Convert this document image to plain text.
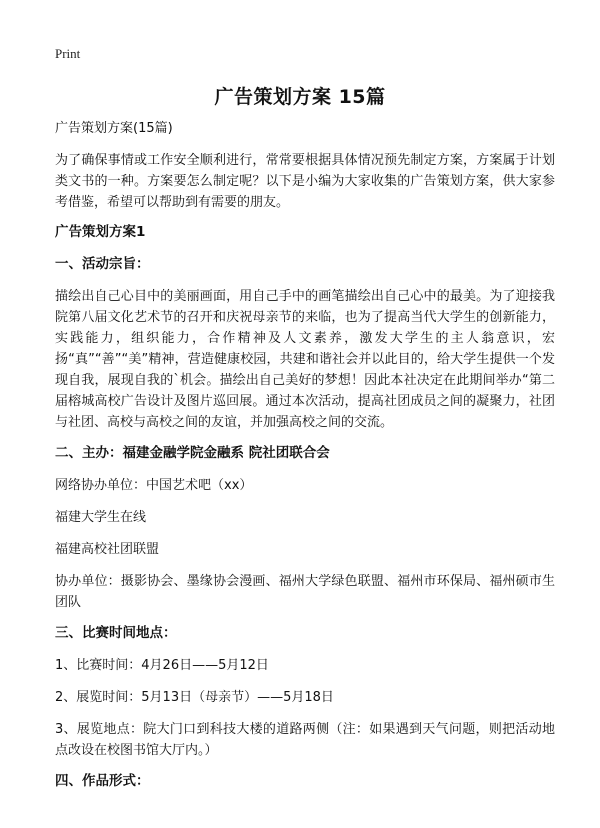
Print
广告策划方案 15篇

广告策划方案(15篇)

为了确保事情或工作安全顺利进行，常常要根据具体情况预先制定方案，方案属于计划类文书的一种。方案要怎么制定呢？以下是小编为大家收集的广告策划方案，供大家参考借鉴，希望可以帮助到有需要的朋友。

广告策划方案1
一、活动宗旨：

描绘出自己心目中的美丽画面，用自己手中的画笔描绘出自己心中的最美。为了迎接我院第八届文化艺术节的召开和庆祝母亲节的来临，也为了提高当代大学生的创新能力，实践能力，组织能力，合作精神及人文素养，激发大学生的主人翁意识，宏扬“真”“善”“美”精神，营造健康校园，共建和谐社会并以此目的，给大学生提供一个发现自我，展现自我的`机会。描绘出自己美好的梦想！因此本社决定在此期间举办“第二届榕城高校广告设计及图片巡回展。通过本次活动，提高社团成员之间的凝聚力，社团与社团、高校与高校之间的友谊，并加强高校之间的交流。

二、主办：福建金融学院金融系 院社团联合会

网络协办单位：中国艺术吧（xx）

福建大学生在线

福建高校社团联盟

协办单位：摄影协会、墨缘协会漫画、福州大学绿色联盟、福州市环保局、福州硕市生团队

三、比赛时间地点：

1、比赛时间：4月26日——5月12日

2、展览时间：5月13日（母亲节）——5月18日

3、展览地点：院大门口到科技大楼的道路两侧（注：如果遇到天气问题，则把活动地点改设在校图书馆大厅内。）

四、作品形式：
